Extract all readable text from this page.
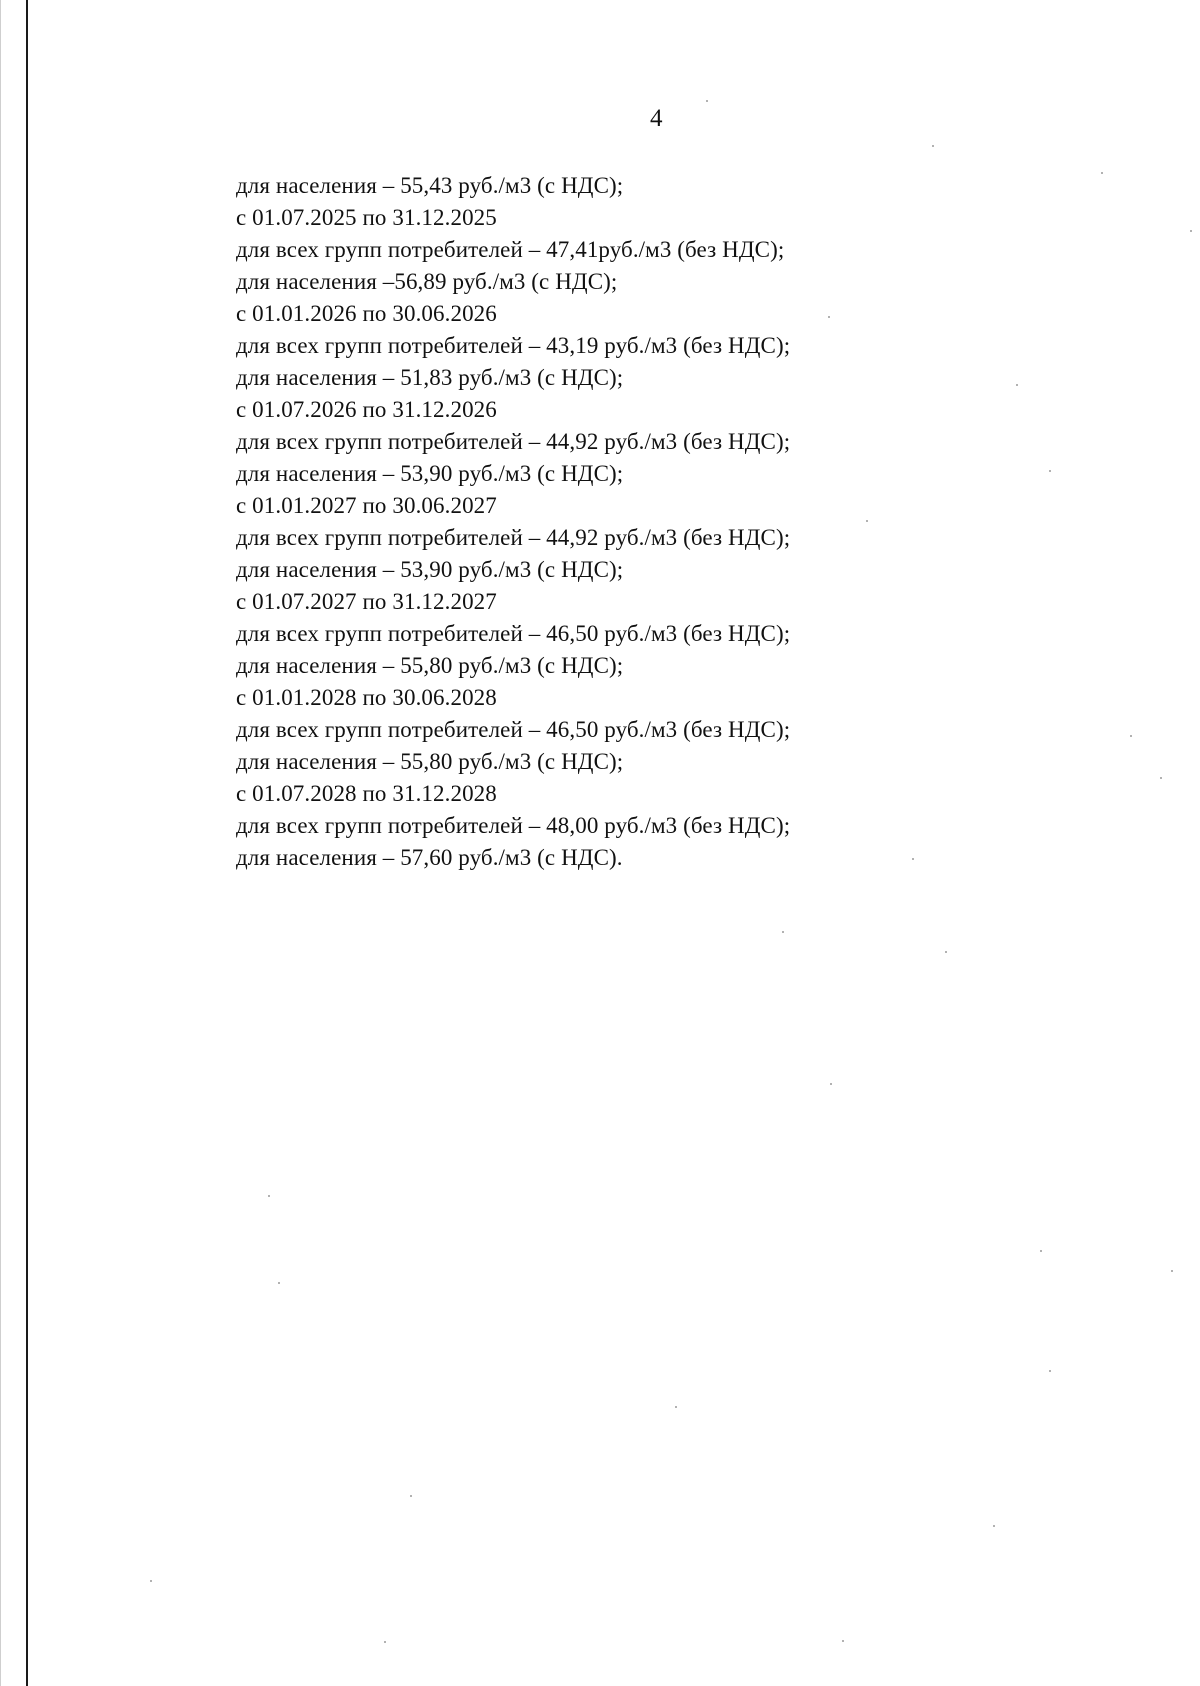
4
для населения – 55,43 руб./м3 (с НДС);
с 01.07.2025 по 31.12.2025
для всех групп потребителей – 47,41руб./м3 (без НДС);
для населения –56,89 руб./м3 (с НДС);
с 01.01.2026 по 30.06.2026
для всех групп потребителей – 43,19 руб./м3 (без НДС);
для населения – 51,83 руб./м3 (с НДС);
с 01.07.2026 по 31.12.2026
для всех групп потребителей – 44,92 руб./м3 (без НДС);
для населения – 53,90 руб./м3 (с НДС);
с 01.01.2027 по 30.06.2027
для всех групп потребителей – 44,92 руб./м3 (без НДС);
для населения – 53,90 руб./м3 (с НДС);
с 01.07.2027 по 31.12.2027
для всех групп потребителей – 46,50 руб./м3 (без НДС);
для населения – 55,80 руб./м3 (с НДС);
с 01.01.2028 по 30.06.2028
для всех групп потребителей – 46,50 руб./м3 (без НДС);
для населения – 55,80 руб./м3 (с НДС);
с 01.07.2028 по 31.12.2028
для всех групп потребителей – 48,00 руб./м3 (без НДС);
для населения – 57,60 руб./м3 (с НДС).
